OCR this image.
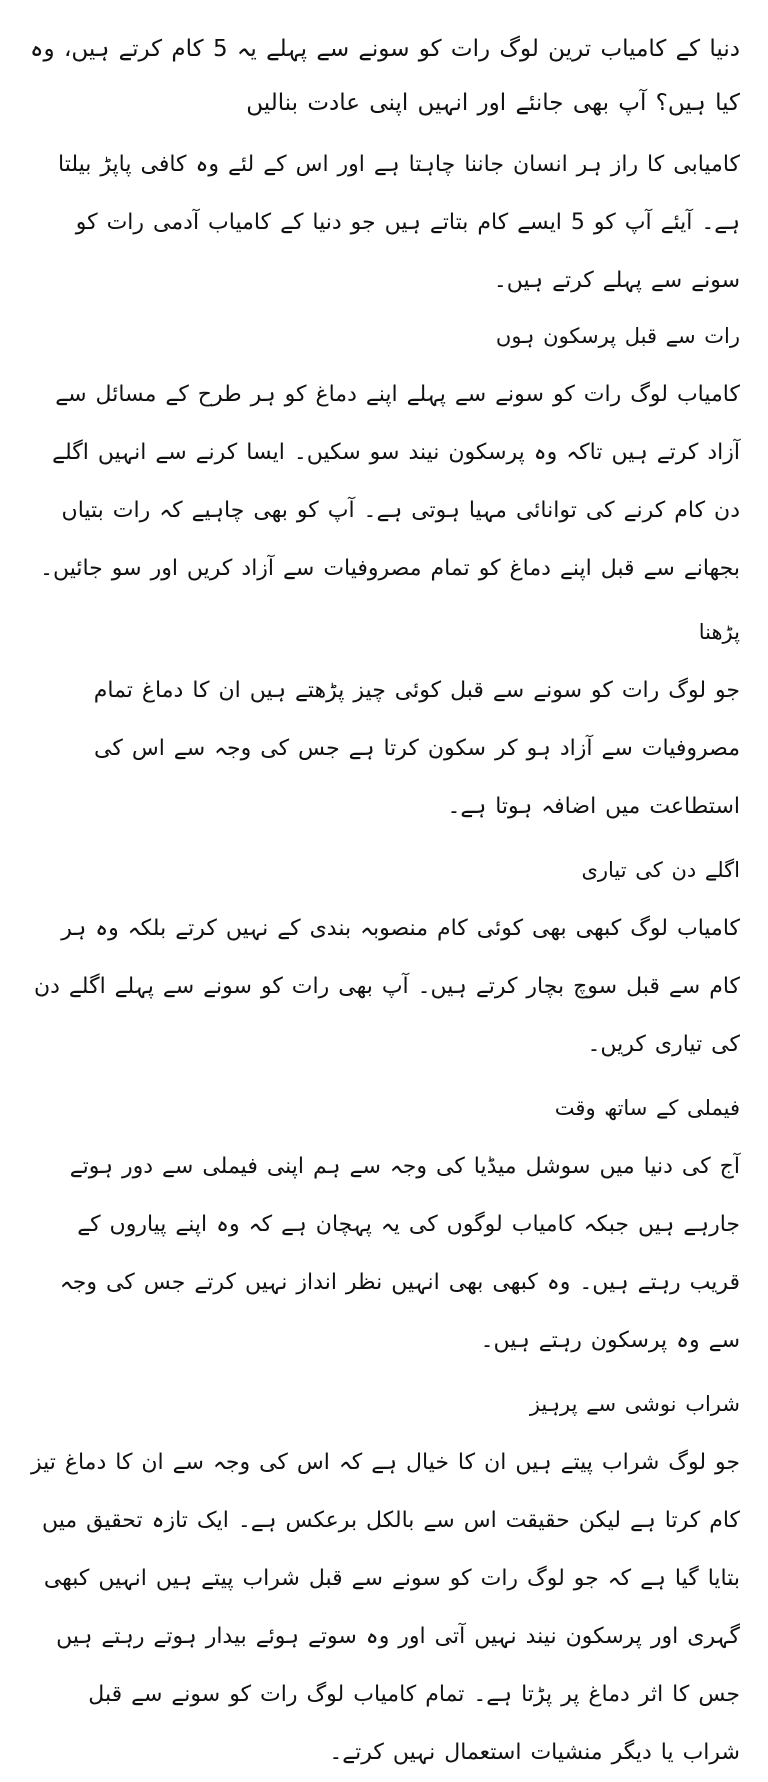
دنیا کے کامیاب ترین لوگ رات کو سونے سے پہلے یہ 5 کام کرتے ہیں، وہ کیا ہیں؟ آپ بھی جانئے اور انہیں اپنی عادت بنالیں

کامیابی کا راز ہر انسان جاننا چاہتا ہے اور اس کے لئے وہ کافی پاپڑ بیلتا ہے۔ آیئے آپ کو 5 ایسے کام بتاتے ہیں جو دنیا کے کامیاب آدمی رات کو سونے سے پہلے کرتے ہیں۔

رات سے قبل پرسکون ہوں

کامیاب لوگ رات کو سونے سے پہلے اپنے دماغ کو ہر طرح کے مسائل سے آزاد کرتے ہیں تاکہ وہ پرسکون نیند سو سکیں۔ ایسا کرنے سے انہیں اگلے دن کام کرنے کی توانائی مہیا ہوتی ہے۔ آپ کو بھی چاہیے کہ رات بتیاں بجھانے سے قبل اپنے دماغ کو تمام مصروفیات سے آزاد کریں اور سو جائیں۔

پڑھنا

جو لوگ رات کو سونے سے قبل کوئی چیز پڑھتے ہیں ان کا دماغ تمام مصروفیات سے آزاد ہو کر سکون کرتا ہے جس کی وجہ سے اس کی استطاعت میں اضافہ ہوتا ہے۔

اگلے دن کی تیاری

کامیاب لوگ کبھی بھی کوئی کام منصوبہ بندی کے نہیں کرتے بلکہ وہ ہر کام سے قبل سوچ بچار کرتے ہیں۔ آپ بھی رات کو سونے سے پہلے اگلے دن کی تیاری کریں۔

فیملی کے ساتھ وقت

آج کی دنیا میں سوشل میڈیا کی وجہ سے ہم اپنی فیملی سے دور ہوتے جارہے ہیں جبکہ کامیاب لوگوں کی یہ پہچان ہے کہ وہ اپنے پیاروں کے قریب رہتے ہیں۔ وہ کبھی بھی انہیں نظر انداز نہیں کرتے جس کی وجہ سے وہ پرسکون رہتے ہیں۔

شراب نوشی سے پرہیز

جو لوگ شراب پیتے ہیں ان کا خیال ہے کہ اس کی وجہ سے ان کا دماغ تیز کام کرتا ہے لیکن حقیقت اس سے بالکل برعکس ہے۔ ایک تازہ تحقیق میں بتایا گیا ہے کہ جو لوگ رات کو سونے سے قبل شراب پیتے ہیں انہیں کبھی گہری اور پرسکون نیند نہیں آتی اور وہ سوتے ہوئے بیدار ہوتے رہتے ہیں جس کا اثر دماغ پر پڑتا ہے۔ تمام کامیاب لوگ رات کو سونے سے قبل شراب یا دیگر منشیات استعمال نہیں کرتے۔
